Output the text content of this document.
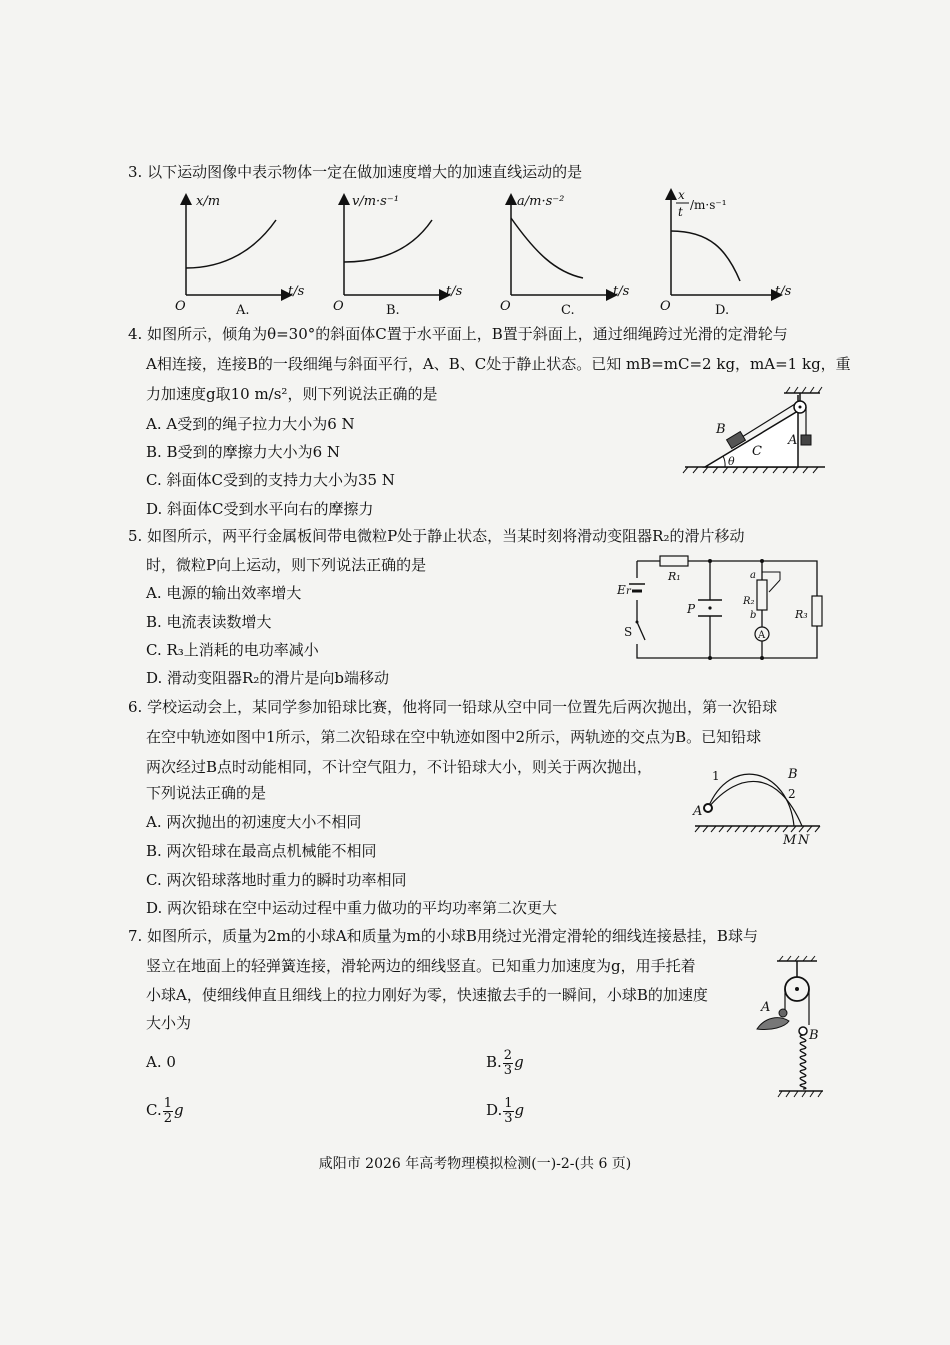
3. 以下运动图像中表示物体一定在做加速度增大的加速直线运动的是
x/m
t/s
O	A.
v/m·s⁻¹
t/s
O	B.
a/m·s⁻²
t/s
O	C.
x
t /m·s⁻¹
t/s
O	D.
4. 如图所示，倾角为θ=30°的斜面体C置于水平面上，B置于斜面上，通过细绳跨过光滑的定滑轮与
A相连接，连接B的一段细绳与斜面平行，A、B、C处于静止状态。已知 mB=mC=2 kg，mA=1 kg，重
力加速度g取10 m/s²，则下列说法正确的是
A. A受到的绳子拉力大小为6 N
B. B受到的摩擦力大小为6 N
C. 斜面体C受到的支持力大小为35 N
D. 斜面体C受到水平向右的摩擦力
B
C
A
θ
5. 如图所示，两平行金属板间带电微粒P处于静止状态，当某时刻将滑动变阻器R₂的滑片移动
时，微粒P向上运动，则下列说法正确的是
A. 电源的输出效率增大
B. 电流表读数增大
C. R₃上消耗的电功率减小
D. 滑动变阻器R₂的滑片是向b端移动
E r
S
R₁
P
a
R₂
b
A
R₃
6. 学校运动会上，某同学参加铅球比赛，他将同一铅球从空中同一位置先后两次抛出，第一次铅球
在空中轨迹如图中1所示，第二次铅球在空中轨迹如图中2所示，两轨迹的交点为B。已知铅球
两次经过B点时动能相同，不计空气阻力，不计铅球大小，则关于两次抛出，
下列说法正确的是
A. 两次抛出的初速度大小不相同
B. 两次铅球在最高点机械能不相同
C. 两次铅球落地时重力的瞬时功率相同
D. 两次铅球在空中运动过程中重力做功的平均功率第二次更大
1	B
2
A
M N
7. 如图所示，质量为2m的小球A和质量为m的小球B用绕过光滑定滑轮的细线连接悬挂，B球与
竖立在地面上的轻弹簧连接，滑轮两边的细线竖直。已知重力加速度为g，用手托着
小球A，使细线伸直且细线上的拉力刚好为零，快速撤去手的一瞬间，小球B的加速度
大小为
A. 0	B. $\frac{2}{3}$ g
C. $\frac{1}{2}$ g	D. $\frac{1}{3}$ g
A
B
咸阳市 2026 年高考物理模拟检测(一)-2-(共 6 页)
